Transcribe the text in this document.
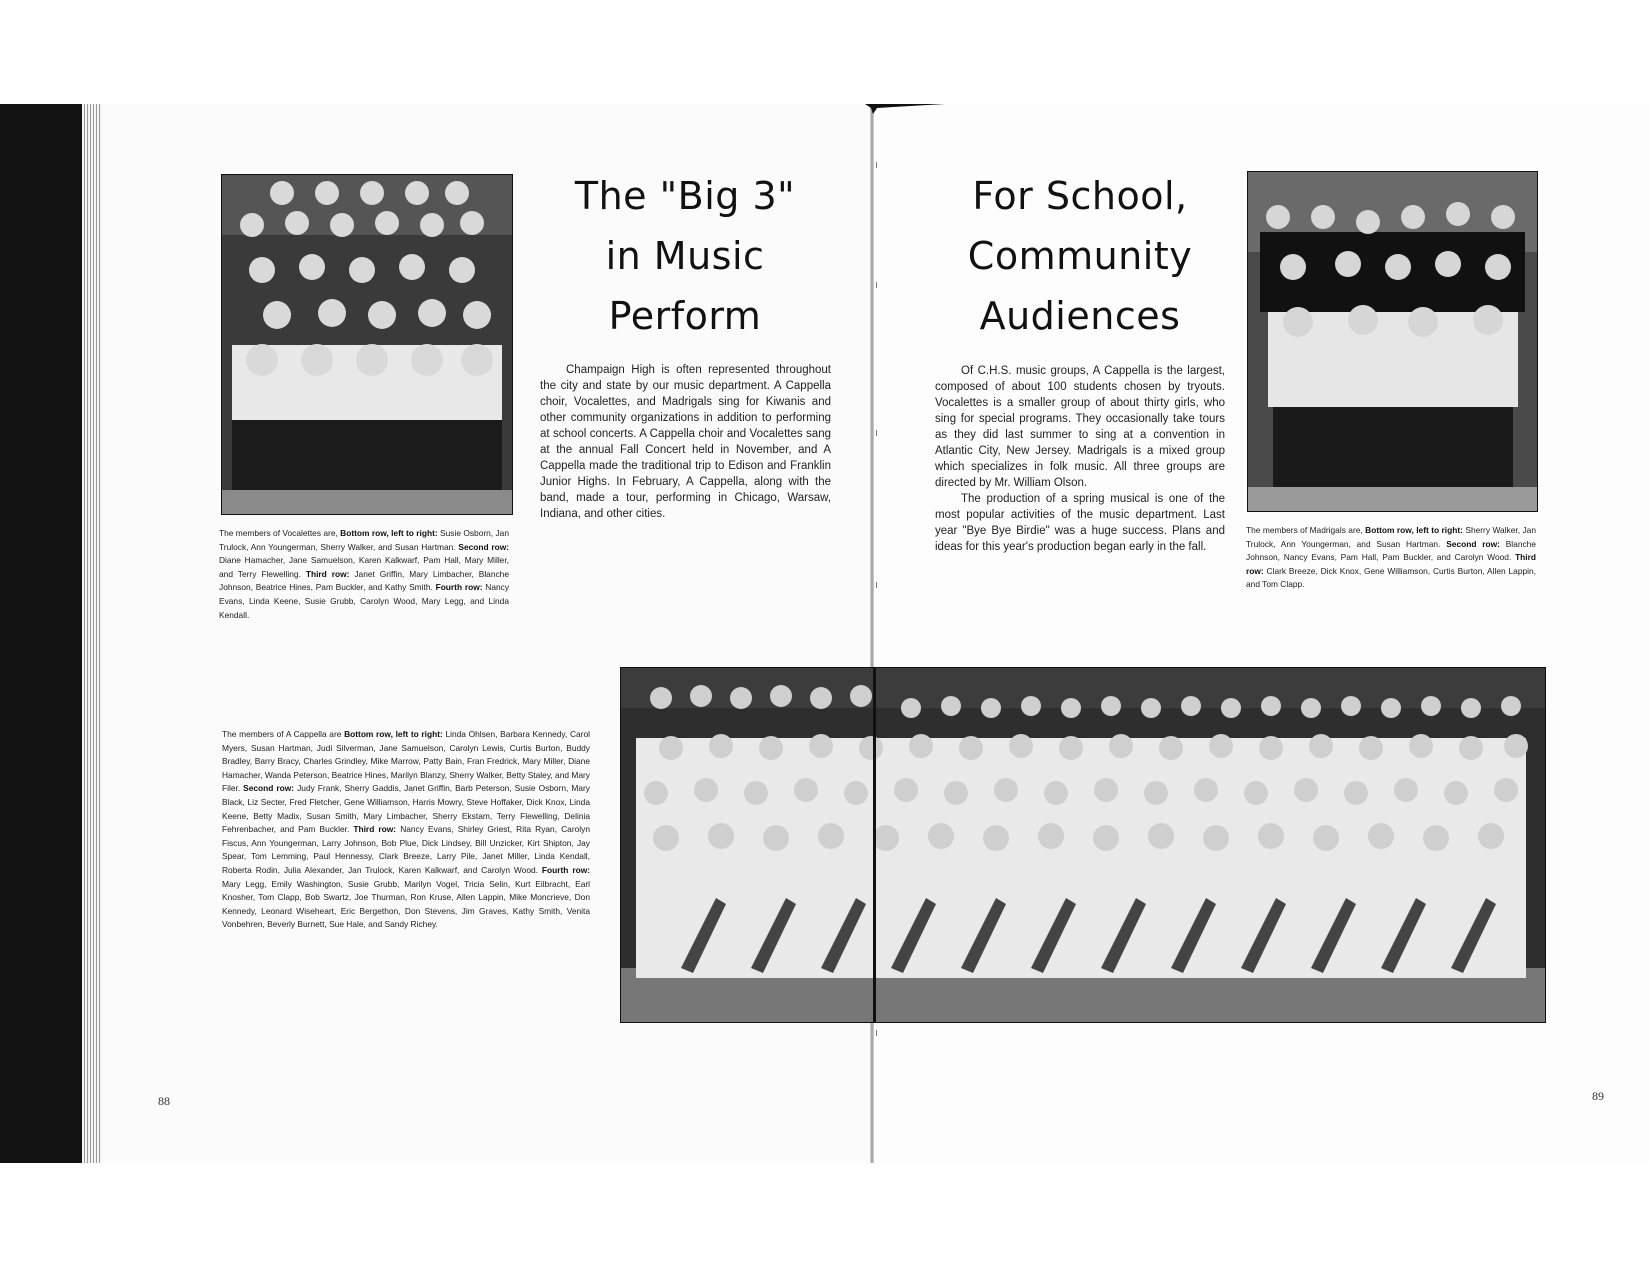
The "Big 3"
in Music
Perform

Champaign High is often represented throughout the city and state by our music department. A Cappella choir, Vocalettes, and Madrigals sing for Kiwanis and other community organizations in addition to performing at school concerts. A Cappella choir and Vocalettes sang at the annual Fall Concert held in November, and A Cappella made the traditional trip to Edison and Franklin Junior Highs. In February, A Cappella, along with the band, made a tour, performing in Chicago, Warsaw, Indiana, and other cities.

The members of Vocalettes are, Bottom row, left to right: Susie Osborn, Jan Trulock, Ann Youngerman, Sherry Walker, and Susan Hartman. Second row: Diane Hamacher, Jane Samuelson, Karen Kalkwarf, Pam Hall, Mary Miller, and Terry Flewelling. Third row: Janet Griffin, Mary Limbacher, Blanche Johnson, Beatrice Hines, Pam Buckler, and Kathy Smith. Fourth row: Nancy Evans, Linda Keene, Susie Grubb, Carolyn Wood, Mary Legg, and Linda Kendall.
The members of A Cappella are Bottom row, left to right: Linda Ohlsen, Barbara Kennedy, Carol Myers, Susan Hartman, Judi Silverman, Jane Samuelson, Carolyn Lewis, Curtis Burton, Buddy Bradley, Barry Bracy, Charles Grindley, Mike Marrow, Patty Bain, Fran Fredrick, Mary Miller, Diane Hamacher, Wanda Peterson, Beatrice Hines, Marilyn Blanzy, Sherry Walker, Betty Staley, and Mary Filer. Second row: Judy Frank, Sherry Gaddis, Janet Griffin, Barb Peterson, Susie Osborn, Mary Black, Liz Secter, Fred Fletcher, Gene Williamson, Harris Mowry, Steve Hoffaker, Dick Knox, Linda Keene, Betty Madix, Susan Smith, Mary Limbacher, Sherry Ekstam, Terry Flewelling, Delinia Fehrenbacher, and Pam Buckler. Third row: Nancy Evans, Shirley Griest, Rita Ryan, Carolyn Fiscus, Ann Youngerman, Larry Johnson, Bob Plue, Dick Lindsey, Bill Unzicker, Kirt Shipton, Jay Spear, Tom Lemming, Paul Hennessy, Clark Breeze, Larry Pile, Janet Miller, Linda Kendall, Roberta Rodin, Julia Alexander, Jan Trulock, Karen Kalkwarf, and Carolyn Wood. Fourth row: Mary Legg, Emily Washington, Susie Grubb, Marilyn Vogel, Tricia Selin, Kurt Eilbracht, Earl Knosher, Tom Clapp, Bob Swartz, Joe Thurman, Ron Kruse, Allen Lappin, Mike Moncrieve, Don Kennedy, Leonard Wiseheart, Eric Bergethon, Don Stevens, Jim Graves, Kathy Smith, Venita Vonbehren, Beverly Burnett, Sue Hale, and Sandy Richey.
For School,
Community
Audiences

Of C.H.S. music groups, A Cappella is the largest, composed of about 100 students chosen by tryouts. Vocalettes is a smaller group of about thirty girls, who sing for special programs. They occasionally take tours as they did last summer to sing at a convention in Atlantic City, New Jersey. Madrigals is a mixed group which specializes in folk music. All three groups are directed by Mr. William Olson.

The production of a spring musical is one of the most popular activities of the music department. Last year "Bye Bye Birdie" was a huge success. Plans and ideas for this year's production began early in the fall.

The members of Madrigals are, Bottom row, left to right: Sherry Walker, Jan Trulock, Ann Youngerman, and Susan Hartman. Second row: Blanche Johnson, Nancy Evans, Pam Hall, Pam Buckler, and Carolyn Wood. Third row: Clark Breeze, Dick Knox, Gene Williamson, Curtis Burton, Allen Lappin, and Tom Clapp.
88	89
